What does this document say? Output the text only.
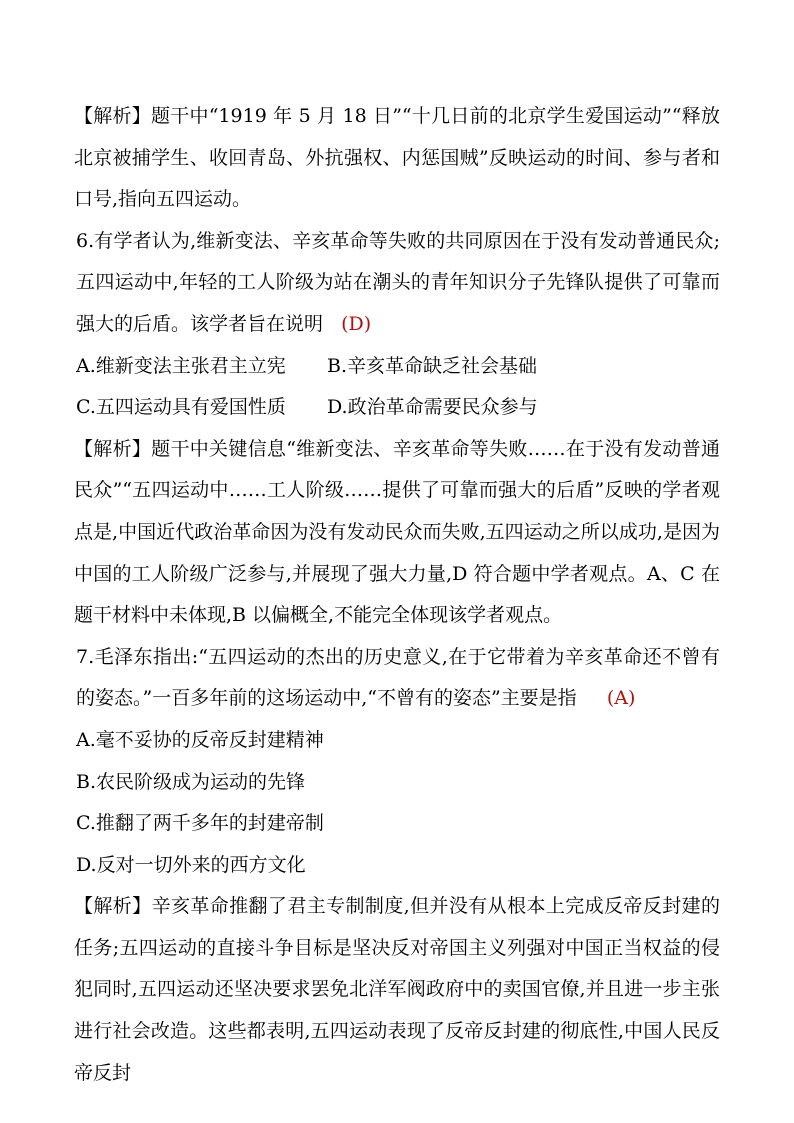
【解析】题干中“1919 年 5 月 18 日”“十几日前的北京学生爱国运动”“释放北京被捕学生、收回青岛、外抗强权、内惩国贼”反映运动的时间、参与者和口号,指向五四运动。

6.有学者认为,维新变法、辛亥革命等失败的共同原因在于没有发动普通民众;五四运动中,年轻的工人阶级为站在潮头的青年知识分子先锋队提供了可靠而强大的后盾。该学者旨在说明 (D)

A.维新变法主张君主立宪	B.辛亥革命缺乏社会基础
C.五四运动具有爱国性质	D.政治革命需要民众参与

【解析】题干中关键信息“维新变法、辛亥革命等失败……在于没有发动普通民众”“五四运动中……工人阶级……提供了可靠而强大的后盾”反映的学者观点是,中国近代政治革命因为没有发动民众而失败,五四运动之所以成功,是因为中国的工人阶级广泛参与,并展现了强大力量,D 符合题中学者观点。A、C 在题干材料中未体现,B 以偏概全,不能完全体现该学者观点。

7.毛泽东指出:“五四运动的杰出的历史意义,在于它带着为辛亥革命还不曾有的姿态。”一百多年前的这场运动中,“不曾有的姿态”主要是指 (A)

A.毫不妥协的反帝反封建精神
B.农民阶级成为运动的先锋
C.推翻了两千多年的封建帝制
D.反对一切外来的西方文化

【解析】辛亥革命推翻了君主专制制度,但并没有从根本上完成反帝反封建的任务;五四运动的直接斗争目标是坚决反对帝国主义列强对中国正当权益的侵犯同时,五四运动还坚决要求罢免北洋军阀政府中的卖国官僚,并且进一步主张进行社会改造。这些都表明,五四运动表现了反帝反封建的彻底性,中国人民反帝反封
